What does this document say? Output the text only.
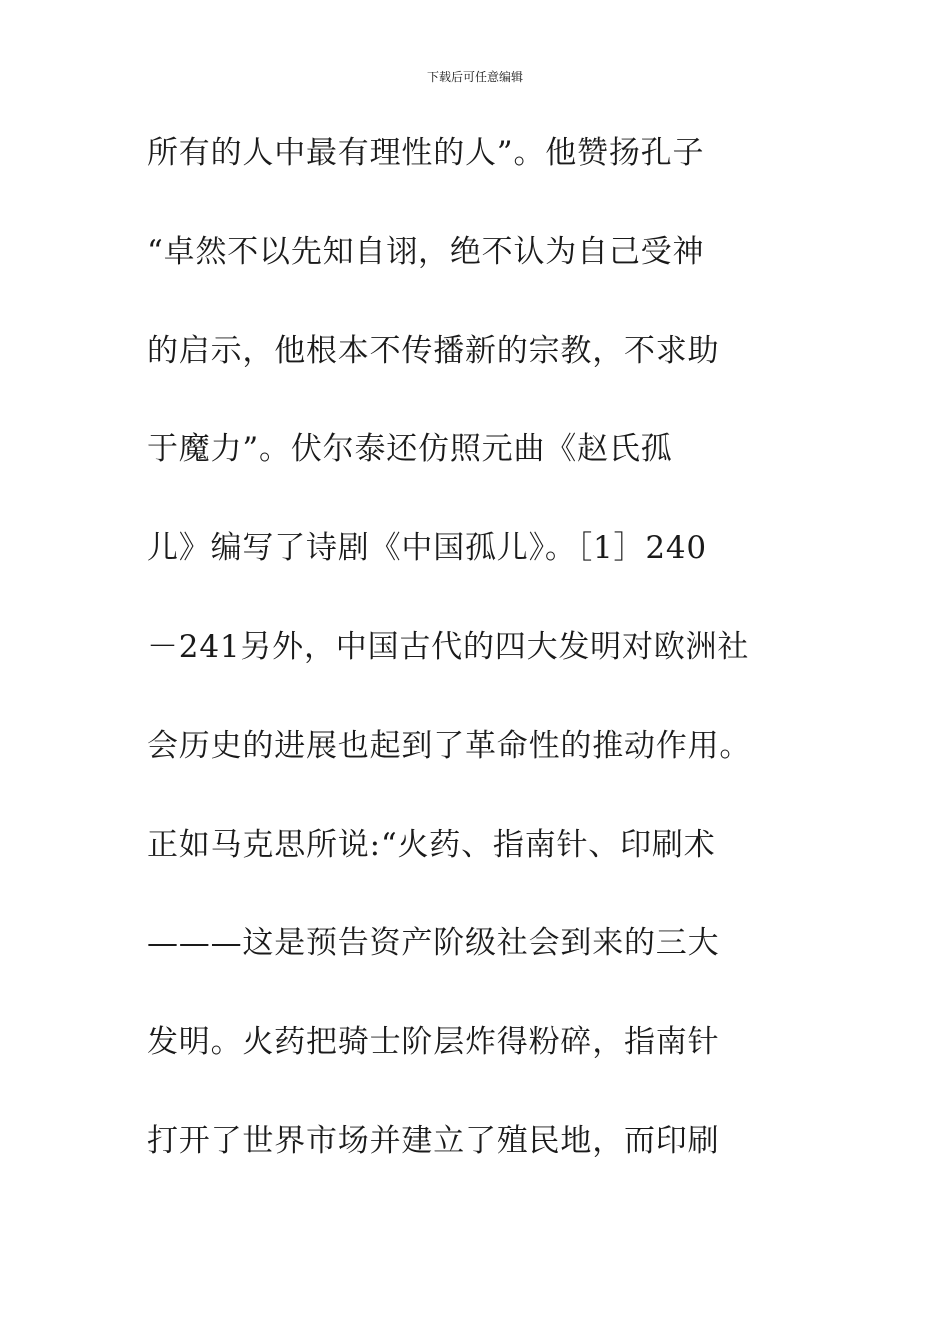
下载后可任意编辑
所有的人中最有理性的人”。他赞扬孔子
“卓然不以先知自诩，绝不认为自己受神
的启示，他根本不传播新的宗教，不求助
于魔力”。伏尔泰还仿照元曲《赵氏孤
儿》编写了诗剧《中国孤儿》。［1］240
－241另外，中国古代的四大发明对欧洲社
会历史的进展也起到了革命性的推动作用。
正如马克思所说:“火药、指南针、印刷术
———这是预告资产阶级社会到来的三大
发明。火药把骑士阶层炸得粉碎，指南针
打开了世界市场并建立了殖民地，而印刷
